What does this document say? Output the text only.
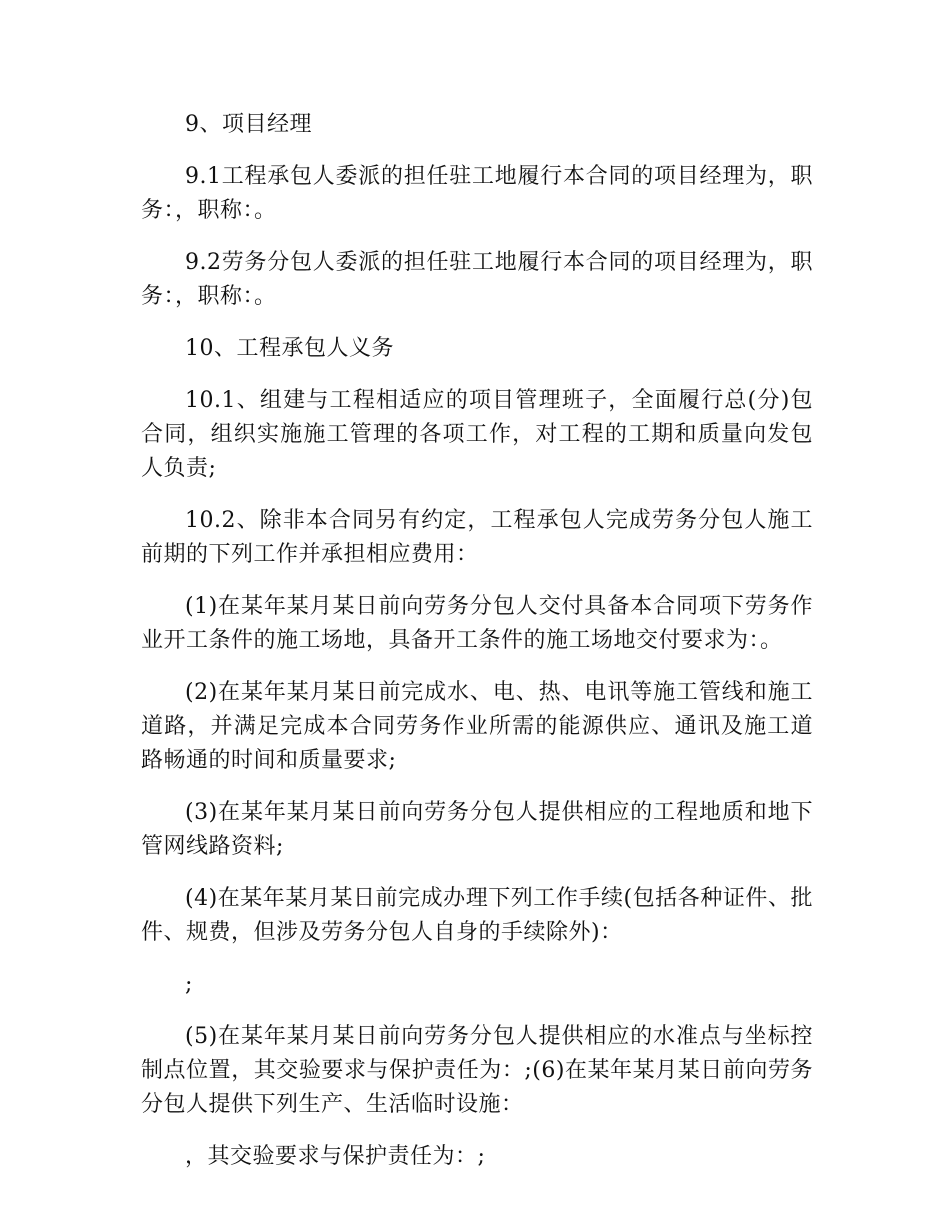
9、项目经理

9.1工程承包人委派的担任驻工地履行本合同的项目经理为，职务：，职称：。

9.2劳务分包人委派的担任驻工地履行本合同的项目经理为，职务：，职称：。

10、工程承包人义务

10.1、组建与工程相适应的项目管理班子，全面履行总(分)包合同，组织实施施工管理的各项工作，对工程的工期和质量向发包人负责;

10.2、除非本合同另有约定，工程承包人完成劳务分包人施工前期的下列工作并承担相应费用：

(1)在某年某月某日前向劳务分包人交付具备本合同项下劳务作业开工条件的施工场地，具备开工条件的施工场地交付要求为：。

(2)在某年某月某日前完成水、电、热、电讯等施工管线和施工道路，并满足完成本合同劳务作业所需的能源供应、通讯及施工道路畅通的时间和质量要求;

(3)在某年某月某日前向劳务分包人提供相应的工程地质和地下管网线路资料;

(4)在某年某月某日前完成办理下列工作手续(包括各种证件、批件、规费，但涉及劳务分包人自身的手续除外)：

;

(5)在某年某月某日前向劳务分包人提供相应的水准点与坐标控制点位置，其交验要求与保护责任为：;(6)在某年某月某日前向劳务分包人提供下列生产、生活临时设施：

，其交验要求与保护责任为：;
